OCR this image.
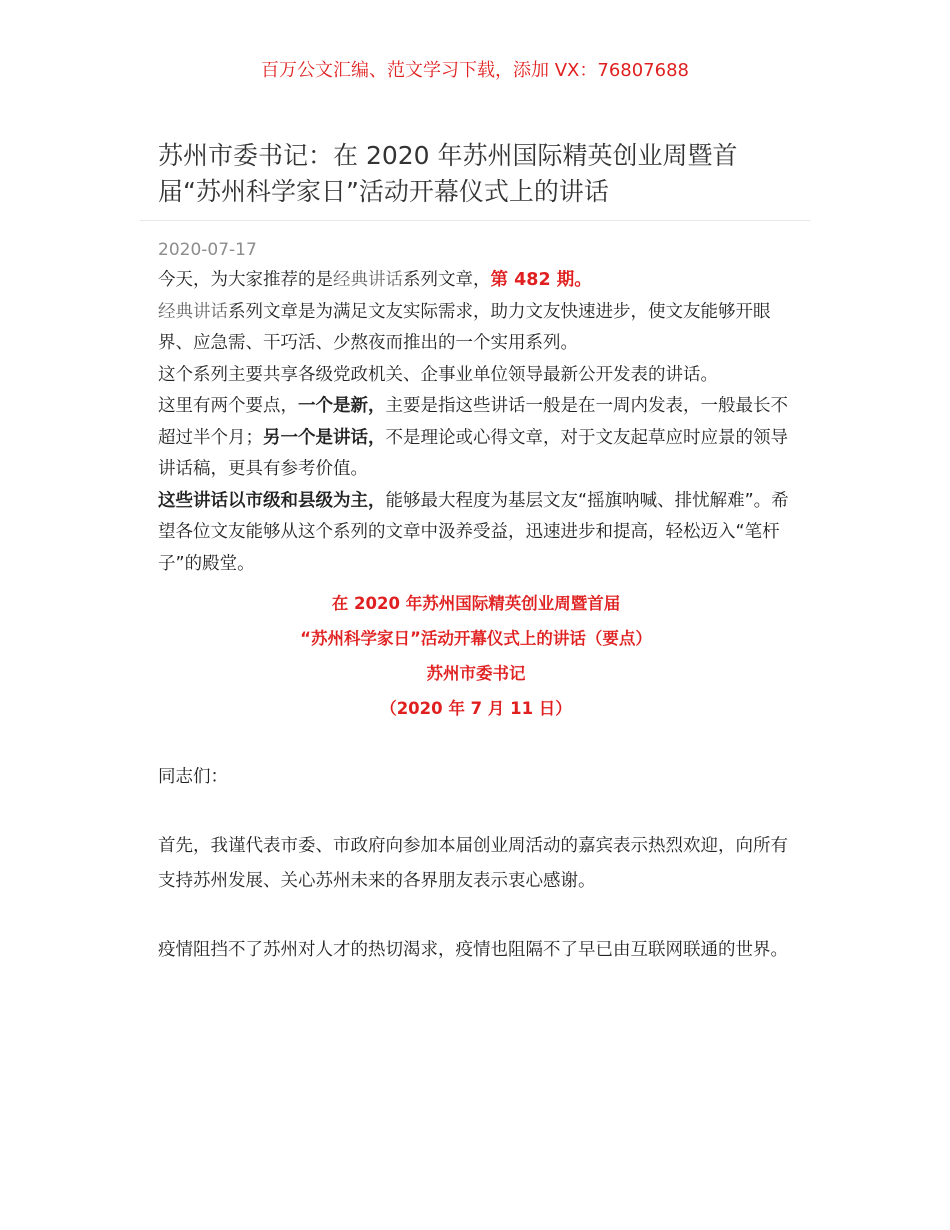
百万公文汇编、范文学习下载，添加 VX：76807688
苏州市委书记：在 2020 年苏州国际精英创业周暨首届“苏州科学家日”活动开幕仪式上的讲话
2020-07-17

今天，为大家推荐的是经典讲话系列文章，第 482 期。

经典讲话系列文章是为满足文友实际需求，助力文友快速进步，使文友能够开眼界、应急需、干巧活、少熬夜而推出的一个实用系列。

这个系列主要共享各级党政机关、企事业单位领导最新公开发表的讲话。

这里有两个要点，一个是新，主要是指这些讲话一般是在一周内发表，一般最长不超过半个月；另一个是讲话，不是理论或心得文章，对于文友起草应时应景的领导讲话稿，更具有参考价值。

这些讲话以市级和县级为主，能够最大程度为基层文友“摇旗呐喊、排忧解难”。希望各位文友能够从这个系列的文章中汲养受益，迅速进步和提高，轻松迈入“笔杆子”的殿堂。

在 2020 年苏州国际精英创业周暨首届
“苏州科学家日”活动开幕仪式上的讲话（要点）
苏州市委书记
（2020 年 7 月 11 日）

同志们：

首先，我谨代表市委、市政府向参加本届创业周活动的嘉宾表示热烈欢迎，向所有支持苏州发展、关心苏州未来的各界朋友表示衷心感谢。

疫情阻挡不了苏州对人才的热切渴求，疫情也阻隔不了早已由互联网联通的世界。
